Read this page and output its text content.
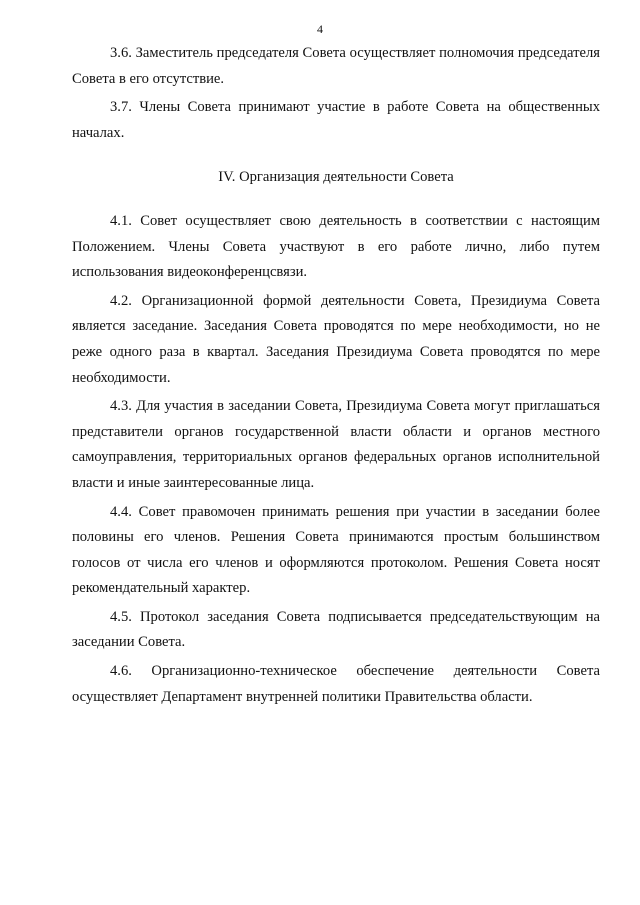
4

3.6. Заместитель председателя Совета осуществляет полномочия председателя Совета в его отсутствие.

3.7. Члены Совета принимают участие в работе Совета на общественных началах.

IV. Организация деятельности Совета

4.1. Совет осуществляет свою деятельность в соответствии с настоящим Положением. Члены Совета участвуют в его работе лично, либо путем использования видеоконференцсвязи.

4.2. Организационной формой деятельности Совета, Президиума Совета является заседание. Заседания Совета проводятся по мере необходимости, но не реже одного раза в квартал. Заседания Президиума Совета проводятся по мере необходимости.

4.3. Для участия в заседании Совета, Президиума Совета могут приглашаться представители органов государственной власти области и органов местного самоуправления, территориальных органов федеральных органов исполнительной власти и иные заинтересованные лица.

4.4. Совет правомочен принимать решения при участии в заседании более половины его членов. Решения Совета принимаются простым большинством голосов от числа его членов и оформляются протоколом. Решения Совета носят рекомендательный характер.

4.5. Протокол заседания Совета подписывается председательствующим на заседании Совета.

4.6. Организационно-техническое обеспечение деятельности Совета осуществляет Департамент внутренней политики Правительства области.
